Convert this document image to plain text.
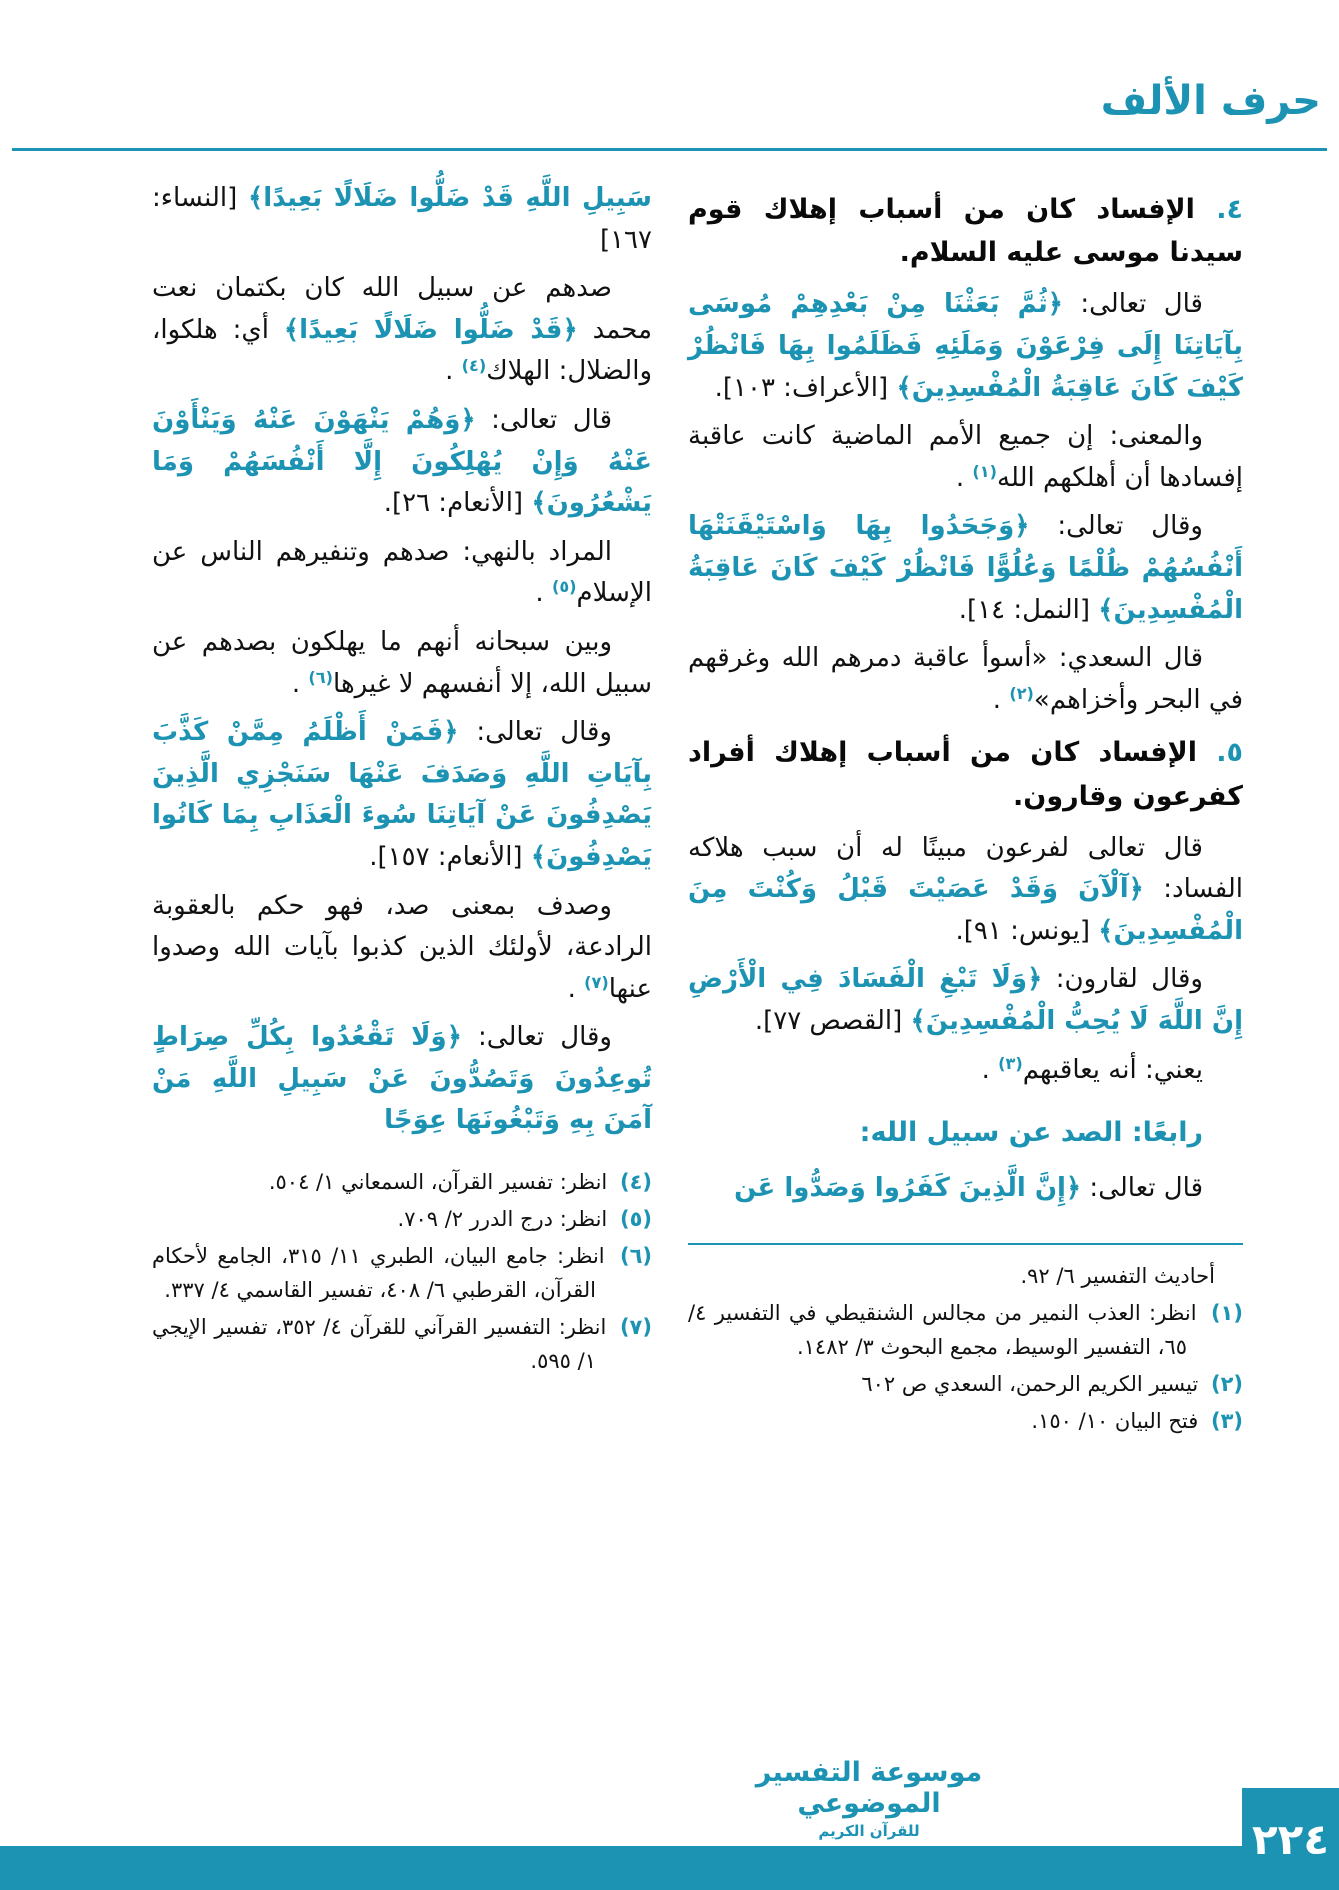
حرف الألف

٤. الإفساد كان من أسباب إهلاك قوم سيدنا موسى عليه السلام.

قال تعالى: ﴿ثُمَّ بَعَثْنَا مِنْ بَعْدِهِمْ مُوسَى بِآيَاتِنَا إِلَى فِرْعَوْنَ وَمَلَئِهِ فَظَلَمُوا بِهَا فَانْظُرْ كَيْفَ كَانَ عَاقِبَةُ الْمُفْسِدِينَ﴾ [الأعراف: ١٠٣].

والمعنى: إن جميع الأمم الماضية كانت عاقبة إفسادها أن أهلكهم الله$^{(١)}$ .

وقال تعالى: ﴿وَجَحَدُوا بِهَا وَاسْتَيْقَنَتْهَا أَنْفُسُهُمْ ظُلْمًا وَعُلُوًّا فَانْظُرْ كَيْفَ كَانَ عَاقِبَةُ الْمُفْسِدِينَ﴾ [النمل: ١٤].

قال السعدي: «أسوأ عاقبة دمرهم الله وغرقهم في البحر وأخزاهم»$^{(٢)}$ .

٥. الإفساد كان من أسباب إهلاك أفراد كفرعون وقارون.

قال تعالى لفرعون مبينًا له أن سبب هلاكه الفساد: ﴿آلْآنَ وَقَدْ عَصَيْتَ قَبْلُ وَكُنْتَ مِنَ الْمُفْسِدِينَ﴾ [يونس: ٩١].

وقال لقارون: ﴿وَلَا تَبْغِ الْفَسَادَ فِي الْأَرْضِ إِنَّ اللَّهَ لَا يُحِبُّ الْمُفْسِدِينَ﴾ [القصص ٧٧].

يعني: أنه يعاقبهم$^{(٣)}$ .

رابعًا: الصد عن سبيل الله:

قال تعالى: ﴿إِنَّ الَّذِينَ كَفَرُوا وَصَدُّوا عَن

أحاديث التفسير ٦/ ٩٢.
(١) انظر: العذب النمير من مجالس الشنقيطي في التفسير ٤/ ٦٥، التفسير الوسيط، مجمع البحوث ٣/ ١٤٨٢.
(٢) تيسير الكريم الرحمن، السعدي ص ٦٠٢
(٣) فتح البيان ١٠/ ١٥٠.

سَبِيلِ اللَّهِ قَدْ ضَلُّوا ضَلَالًا بَعِيدًا﴾ [النساء: ١٦٧]

صدهم عن سبيل الله كان بكتمان نعت محمد ﴿قَدْ ضَلُّوا ضَلَالًا بَعِيدًا﴾ أي: هلكوا، والضلال: الهلاك$^{(٤)}$ .

قال تعالى: ﴿وَهُمْ يَنْهَوْنَ عَنْهُ وَيَنْأَوْنَ عَنْهُ وَإِنْ يُهْلِكُونَ إِلَّا أَنْفُسَهُمْ وَمَا يَشْعُرُونَ﴾ [الأنعام: ٢٦].

المراد بالنهي: صدهم وتنفيرهم الناس عن الإسلام$^{(٥)}$ .

وبين سبحانه أنهم ما يهلكون بصدهم عن سبيل الله، إلا أنفسهم لا غيرها$^{(٦)}$ .

وقال تعالى: ﴿فَمَنْ أَظْلَمُ مِمَّنْ كَذَّبَ بِآيَاتِ اللَّهِ وَصَدَفَ عَنْهَا سَنَجْزِي الَّذِينَ يَصْدِفُونَ عَنْ آيَاتِنَا سُوءَ الْعَذَابِ بِمَا كَانُوا يَصْدِفُونَ﴾ [الأنعام: ١٥٧].

وصدف بمعنى صد، فهو حكم بالعقوبة الرادعة، لأولئك الذين كذبوا بآيات الله وصدوا عنها$^{(٧)}$ .

وقال تعالى: ﴿وَلَا تَقْعُدُوا بِكُلِّ صِرَاطٍ تُوعِدُونَ وَتَصُدُّونَ عَنْ سَبِيلِ اللَّهِ مَنْ آمَنَ بِهِ وَتَبْغُونَهَا عِوَجًا

(٤) انظر: تفسير القرآن، السمعاني ١/ ٥٠٤.
(٥) انظر: درج الدرر ٢/ ٧٠٩.
(٦) انظر: جامع البيان، الطبري ١١/ ٣١٥، الجامع لأحكام القرآن، القرطبي ٦/ ٤٠٨، تفسير القاسمي ٤/ ٣٣٧.
(٧) انظر: التفسير القرآني للقرآن ٤/ ٣٥٢، تفسير الإيجي ١/ ٥٩٥.
موسوعة التفسير الموضوعي
للقرآن الكريم	٢٢٤
